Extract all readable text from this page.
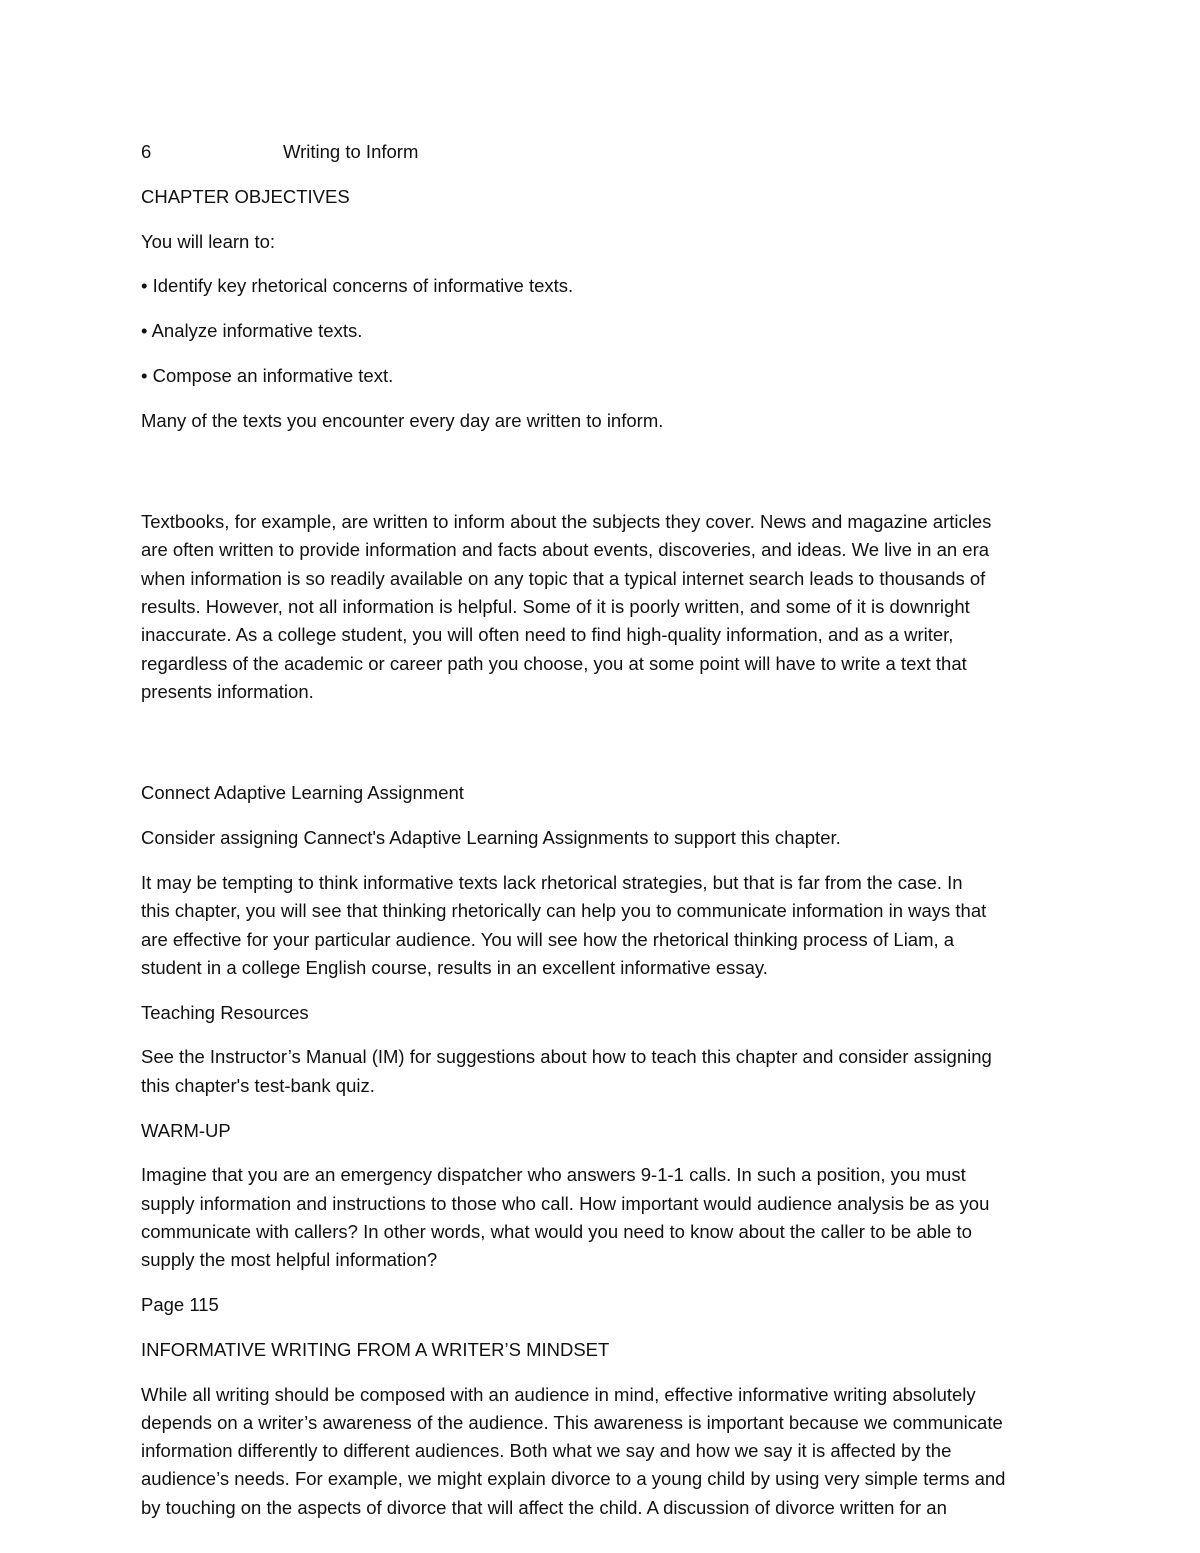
6	Writing to Inform

CHAPTER OBJECTIVES

You will learn to:

• Identify key rhetorical concerns of informative texts.

• Analyze informative texts.

• Compose an informative text.

Many of the texts you encounter every day are written to inform.

Textbooks, for example, are written to inform about the subjects they cover. News and magazine articles
are often written to provide information and facts about events, discoveries, and ideas. We live in an era
when information is so readily available on any topic that a typical internet search leads to thousands of
results. However, not all information is helpful. Some of it is poorly written, and some of it is downright
inaccurate. As a college student, you will often need to find high-quality information, and as a writer,
regardless of the academic or career path you choose, you at some point will have to write a text that
presents information.

Connect Adaptive Learning Assignment

Consider assigning Cannect's Adaptive Learning Assignments to support this chapter.

It may be tempting to think informative texts lack rhetorical strategies, but that is far from the case. In
this chapter, you will see that thinking rhetorically can help you to communicate information in ways that
are effective for your particular audience. You will see how the rhetorical thinking process of Liam, a
student in a college English course, results in an excellent informative essay.

Teaching Resources

See the Instructor’s Manual (IM) for suggestions about how to teach this chapter and consider assigning
this chapter's test-bank quiz.

WARM-UP

Imagine that you are an emergency dispatcher who answers 9-1-1 calls. In such a position, you must
supply information and instructions to those who call. How important would audience analysis be as you
communicate with callers? In other words, what would you need to know about the caller to be able to
supply the most helpful information?

Page 115

INFORMATIVE WRITING FROM A WRITER’S MINDSET

While all writing should be composed with an audience in mind, effective informative writing absolutely
depends on a writer’s awareness of the audience. This awareness is important because we communicate
information differently to different audiences. Both what we say and how we say it is affected by the
audience’s needs. For example, we might explain divorce to a young child by using very simple terms and
by touching on the aspects of divorce that will affect the child. A discussion of divorce written for an
